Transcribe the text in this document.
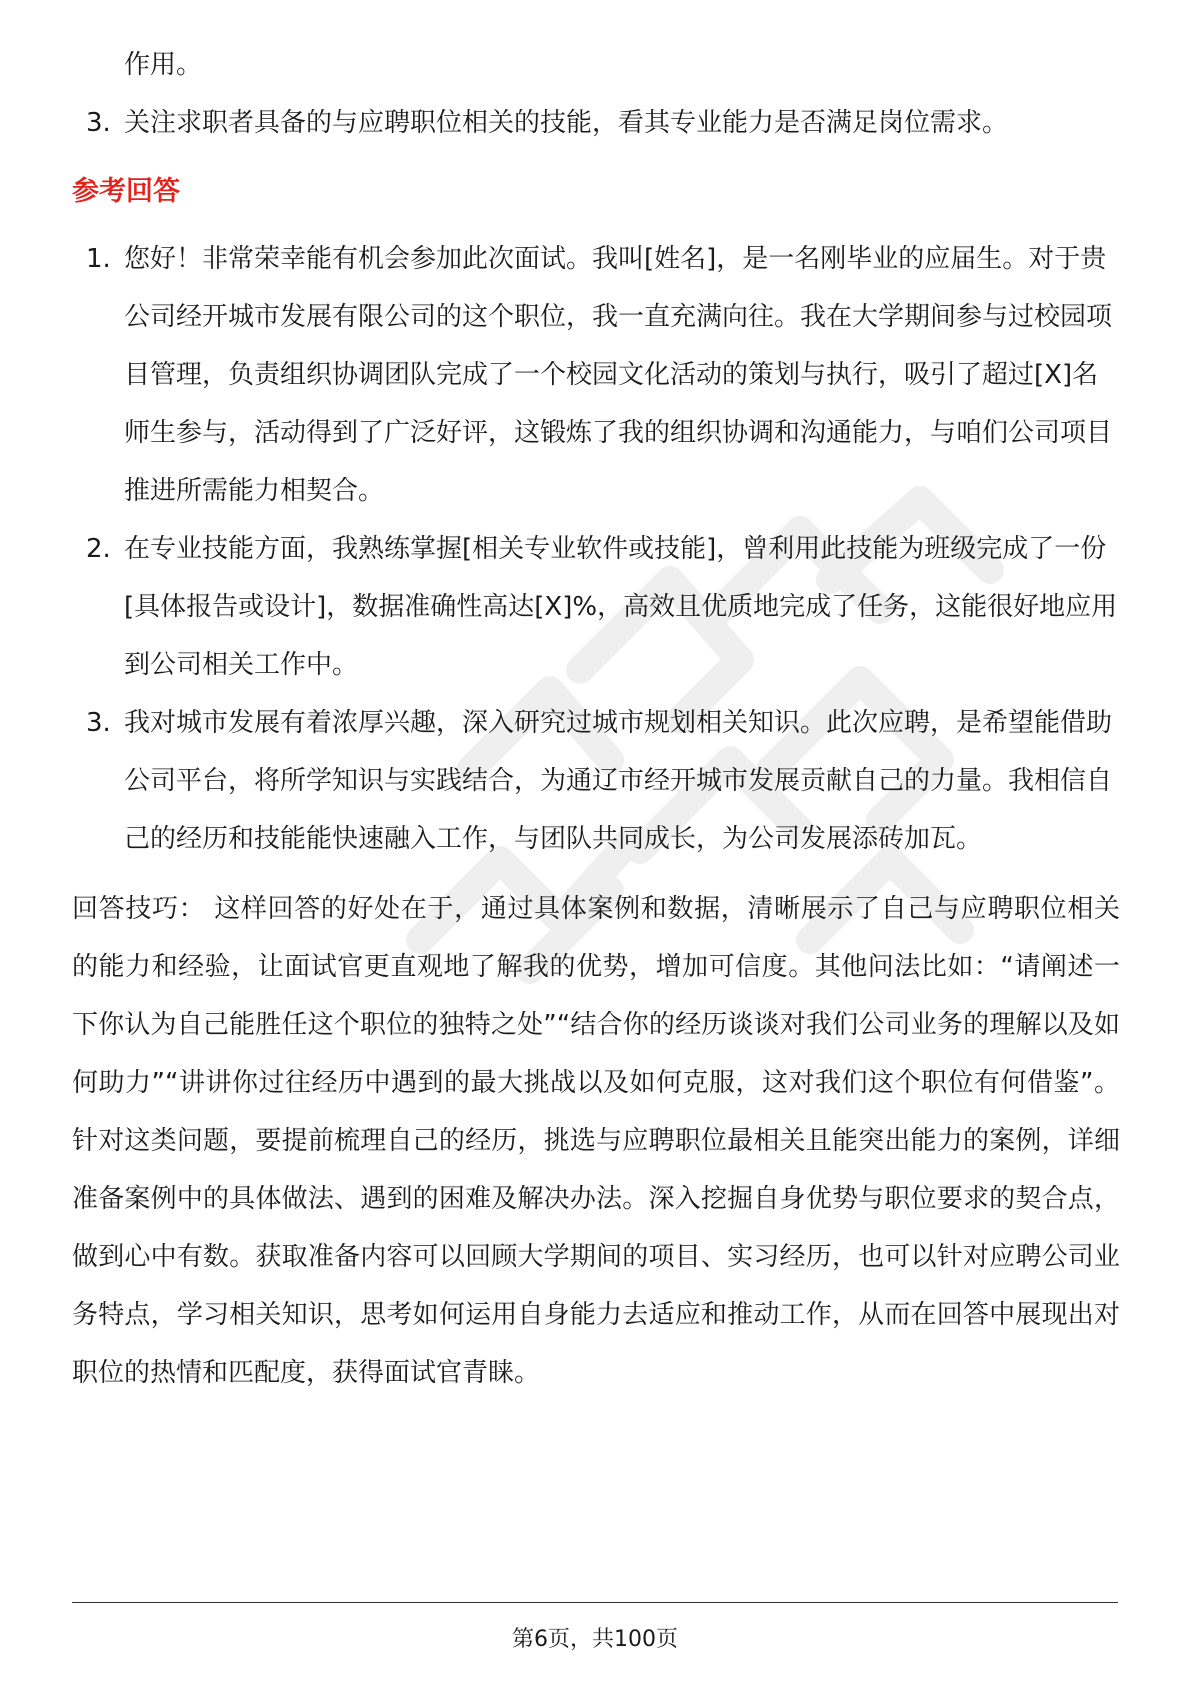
作用。

3. 关注求职者具备的与应聘职位相关的技能，看其专业能力是否满足岗位需求。
参考回答
1. 您好！非常荣幸能有机会参加此次面试。我叫[姓名]，是一名刚毕业的应届生。对于贵公司经开城市发展有限公司的这个职位，我一直充满向往。我在大学期间参与过校园项目管理，负责组织协调团队完成了一个校园文化活动的策划与执行，吸引了超过[X]名师生参与，活动得到了广泛好评，这锻炼了我的组织协调和沟通能力，与咱们公司项目推进所需能力相契合。
2. 在专业技能方面，我熟练掌握[相关专业软件或技能]，曾利用此技能为班级完成了一份[具体报告或设计]，数据准确性高达[X]%，高效且优质地完成了任务，这能很好地应用到公司相关工作中。
3. 我对城市发展有着浓厚兴趣，深入研究过城市规划相关知识。此次应聘，是希望能借助公司平台，将所学知识与实践结合，为通辽市经开城市发展贡献自己的力量。我相信自己的经历和技能能快速融入工作，与团队共同成长，为公司发展添砖加瓦。

回答技巧： 这样回答的好处在于，通过具体案例和数据，清晰展示了自己与应聘职位相关的能力和经验，让面试官更直观地了解我的优势，增加可信度。其他问法比如：“请阐述一下你认为自己能胜任这个职位的独特之处”“结合你的经历谈谈对我们公司业务的理解以及如何助力”“讲讲你过往经历中遇到的最大挑战以及如何克服，这对我们这个职位有何借鉴”。针对这类问题，要提前梳理自己的经历，挑选与应聘职位最相关且能突出能力的案例，详细准备案例中的具体做法、遇到的困难及解决办法。深入挖掘自身优势与职位要求的契合点，做到心中有数。获取准备内容可以回顾大学期间的项目、实习经历，也可以针对应聘公司业务特点，学习相关知识，思考如何运用自身能力去适应和推动工作，从而在回答中展现出对职位的热情和匹配度，获得面试官青睐。

第6页，共100页
